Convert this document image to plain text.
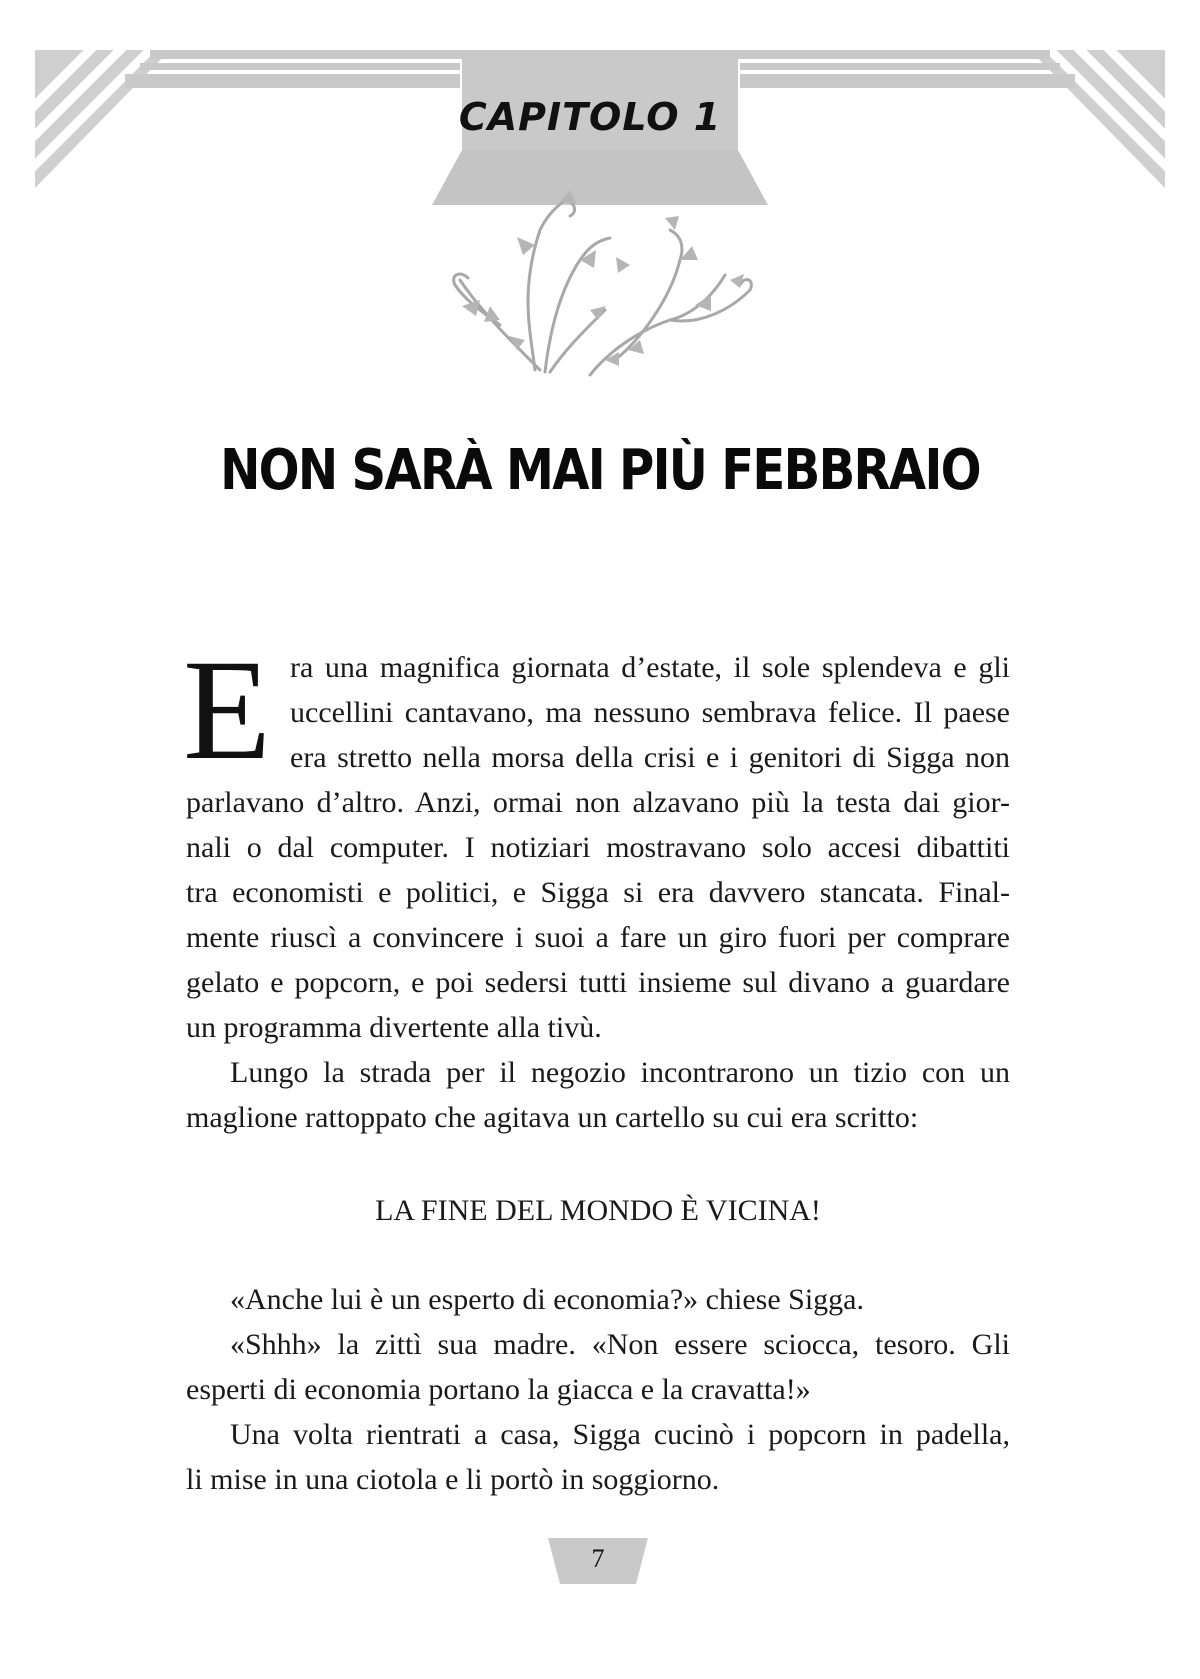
CAPITOLO 1
NON SARÀ MAI PIÙ FEBBRAIO
E ra una magnifica giornata d’estate, il sole splendeva e gli

uccellini cantavano, ma nessuno sembrava felice. Il paese

era stretto nella morsa della crisi e i genitori di Sigga non

parlavano d’altro. Anzi, ormai non alzavano più la testa dai gior-

nali o dal computer. I notiziari mostravano solo accesi dibattiti

tra economisti e politici, e Sigga si era davvero stancata. Final-

mente riuscì a convincere i suoi a fare un giro fuori per comprare

gelato e popcorn, e poi sedersi tutti insieme sul divano a guardare

un programma divertente alla tivù.

Lungo la strada per il negozio incontrarono un tizio con un

maglione rattoppato che agitava un cartello su cui era scritto:

LA FINE DEL MONDO È VICINA!

«Anche lui è un esperto di economia?» chiese Sigga.

«Shhh» la zittì sua madre. «Non essere sciocca, tesoro. Gli

esperti di economia portano la giacca e la cravatta!»

Una volta rientrati a casa, Sigga cucinò i popcorn in padella,

li mise in una ciotola e li portò in soggiorno.

7
